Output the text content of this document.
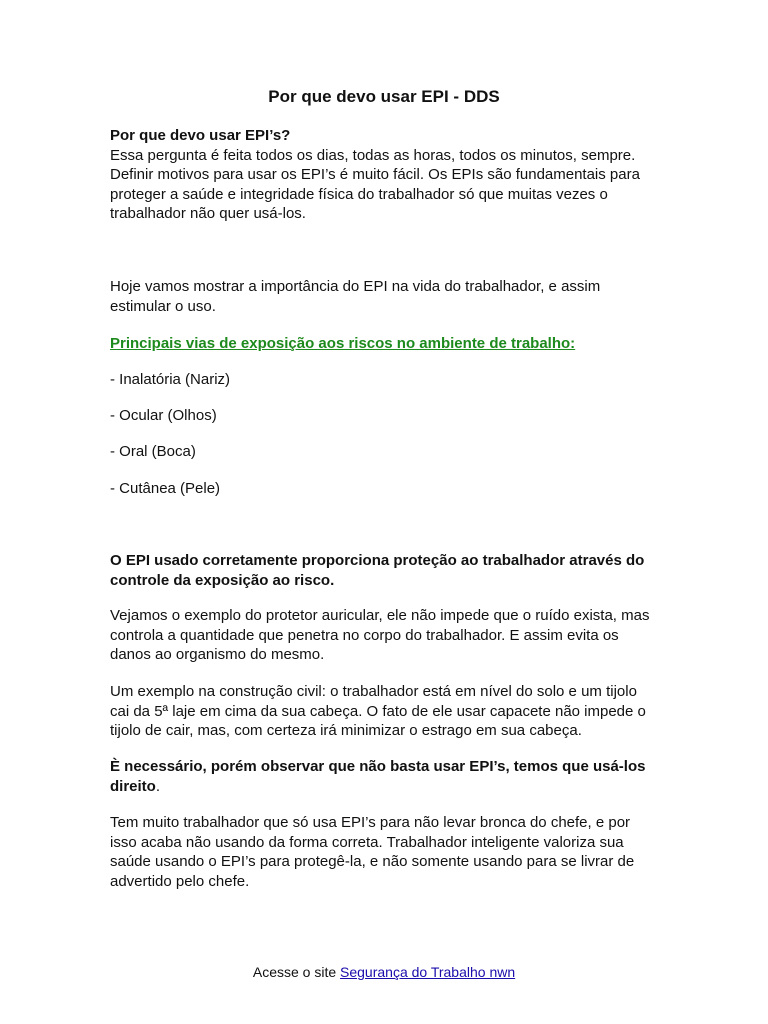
Por que devo usar EPI - DDS

Por que devo usar EPI’s?

Essa pergunta é feita todos os dias, todas as horas, todos os minutos, sempre. Definir motivos para usar os EPI’s é muito fácil. Os EPIs são fundamentais para proteger a saúde e integridade física do trabalhador só que muitas vezes o trabalhador não quer usá-los.

Hoje vamos mostrar a importância do EPI na vida do trabalhador, e assim estimular o uso.

Principais vias de exposição aos riscos no ambiente de trabalho:

- Inalatória (Nariz)

- Ocular (Olhos)

- Oral (Boca)

- Cutânea (Pele)

O EPI usado corretamente proporciona proteção ao trabalhador através do controle da exposição ao risco.

Vejamos o exemplo do protetor auricular, ele não impede que o ruído exista, mas controla a quantidade que penetra no corpo do trabalhador. E assim evita os danos ao organismo do mesmo.

Um exemplo na construção civil: o trabalhador está em nível do solo e um tijolo cai da 5ª laje em cima da sua cabeça. O fato de ele usar capacete não impede o tijolo de cair, mas, com certeza irá minimizar o estrago em sua cabeça.

È necessário, porém observar que não basta usar EPI’s, temos que usá-los direito.

Tem muito trabalhador que só usa EPI’s para não levar bronca do chefe, e por isso acaba não usando da forma correta. Trabalhador inteligente valoriza sua saúde usando o EPI’s para protegê-la, e não somente usando para se livrar de advertido pelo chefe.

Acesse o site Segurança do Trabalho nwn
